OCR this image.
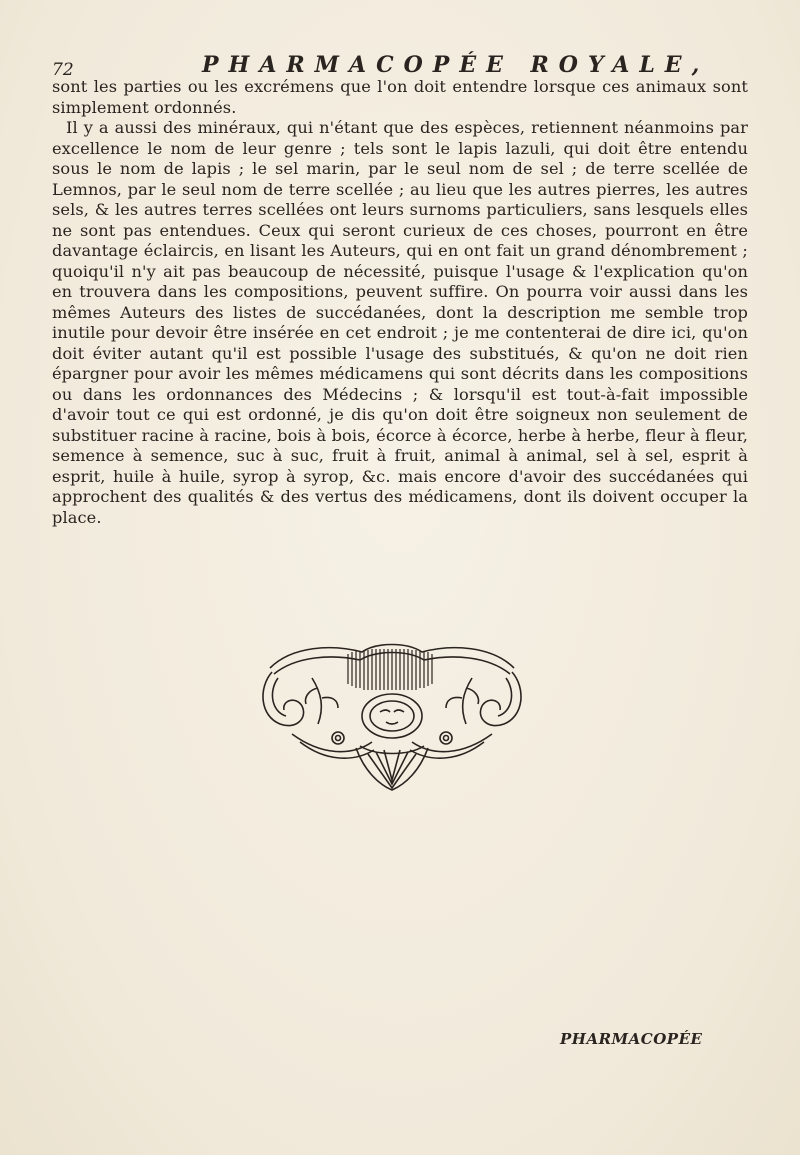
72	PHARMACOPÉE ROYALE,

sont les parties ou les excrémens que l'on doit entendre lorsque ces animaux sont simplement ordonnés.

Il y a aussi des minéraux, qui n'étant que des espèces, retiennent néanmoins par excellence le nom de leur genre ; tels sont le lapis lazuli, qui doit être entendu sous le nom de lapis ; le sel marin, par le seul nom de sel ; de terre scellée de Lemnos, par le seul nom de terre scellée ; au lieu que les autres pierres, les autres sels, & les autres terres scellées ont leurs surnoms particuliers, sans lesquels elles ne sont pas entendues. Ceux qui seront curieux de ces choses, pourront en être davantage éclaircis, en lisant les Auteurs, qui en ont fait un grand dénombrement ; quoiqu'il n'y ait pas beaucoup de nécessité, puisque l'usage & l'explication qu'on en trouvera dans les compositions, peuvent suffire. On pourra voir aussi dans les mêmes Auteurs des listes de succédanées, dont la description me semble trop inutile pour devoir être insérée en cet endroit ; je me contenterai de dire ici, qu'on doit éviter autant qu'il est possible l'usage des substitués, & qu'on ne doit rien épargner pour avoir les mêmes médicamens qui sont décrits dans les compositions ou dans les ordonnances des Médecins ; & lorsqu'il est tout-à-fait impossible d'avoir tout ce qui est ordonné, je dis qu'on doit être soigneux non seulement de substituer racine à racine, bois à bois, écorce à écorce, herbe à herbe, fleur à fleur, semence à semence, suc à suc, fruit à fruit, animal à animal, sel à sel, esprit à esprit, huile à huile, syrop à syrop, &c. mais encore d'avoir des succédanées qui approchent des qualités & des vertus des médicamens, dont ils doivent occuper la place.

PHARMACOPÉE
